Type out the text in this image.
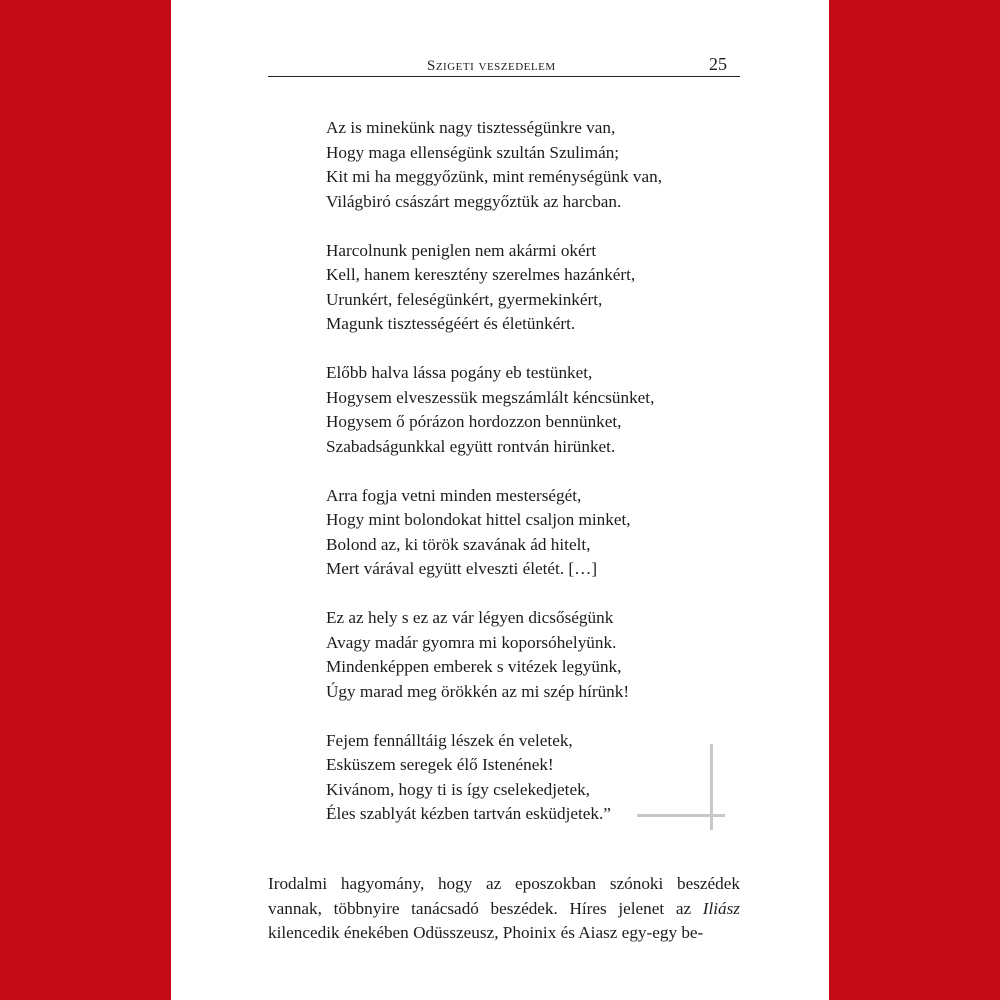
Szigeti veszedelem	25
Az is minekünk nagy tisztességünkre van,
Hogy maga ellenségünk szultán Szulimán;
Kit mi ha meggyőzünk, mint reménységünk van,
Világbiró császárt meggyőztük az harcban.
Harcolnunk peniglen nem akármi okért
Kell, hanem keresztény szerelmes hazánkért,
Urunkért, feleségünkért, gyermekinkért,
Magunk tisztességéért és életünkért.
Előbb halva lássa pogány eb testünket,
Hogysem elveszessük megszámlált kéncsünket,
Hogysem ő pórázon hordozzon bennünket,
Szabadságunkkal együtt rontván hirünket.
Arra fogja vetni minden mesterségét,
Hogy mint bolondokat hittel csaljon minket,
Bolond az, ki török szavának ád hitelt,
Mert várával együtt elveszti életét. […]
Ez az hely s ez az vár légyen dicsőségünk
Avagy madár gyomra mi koporsóhelyünk.
Mindenképpen emberek s vitézek legyünk,
Úgy marad meg örökkén az mi szép hírünk!
Fejem fennálltáig lészek én veletek,
Esküszem seregek élő Istenének!
Kivánom, hogy ti is így cselekedjetek,
Éles szablyát kézben tartván esküdjetek.”

Irodalmi hagyomány, hogy az eposzokban szónoki beszédek vannak, többnyire tanácsadó beszédek. Híres jelenet az Iliász kilencedik énekében Odüsszeusz, Phoinix és Aiasz egy-egy be-
